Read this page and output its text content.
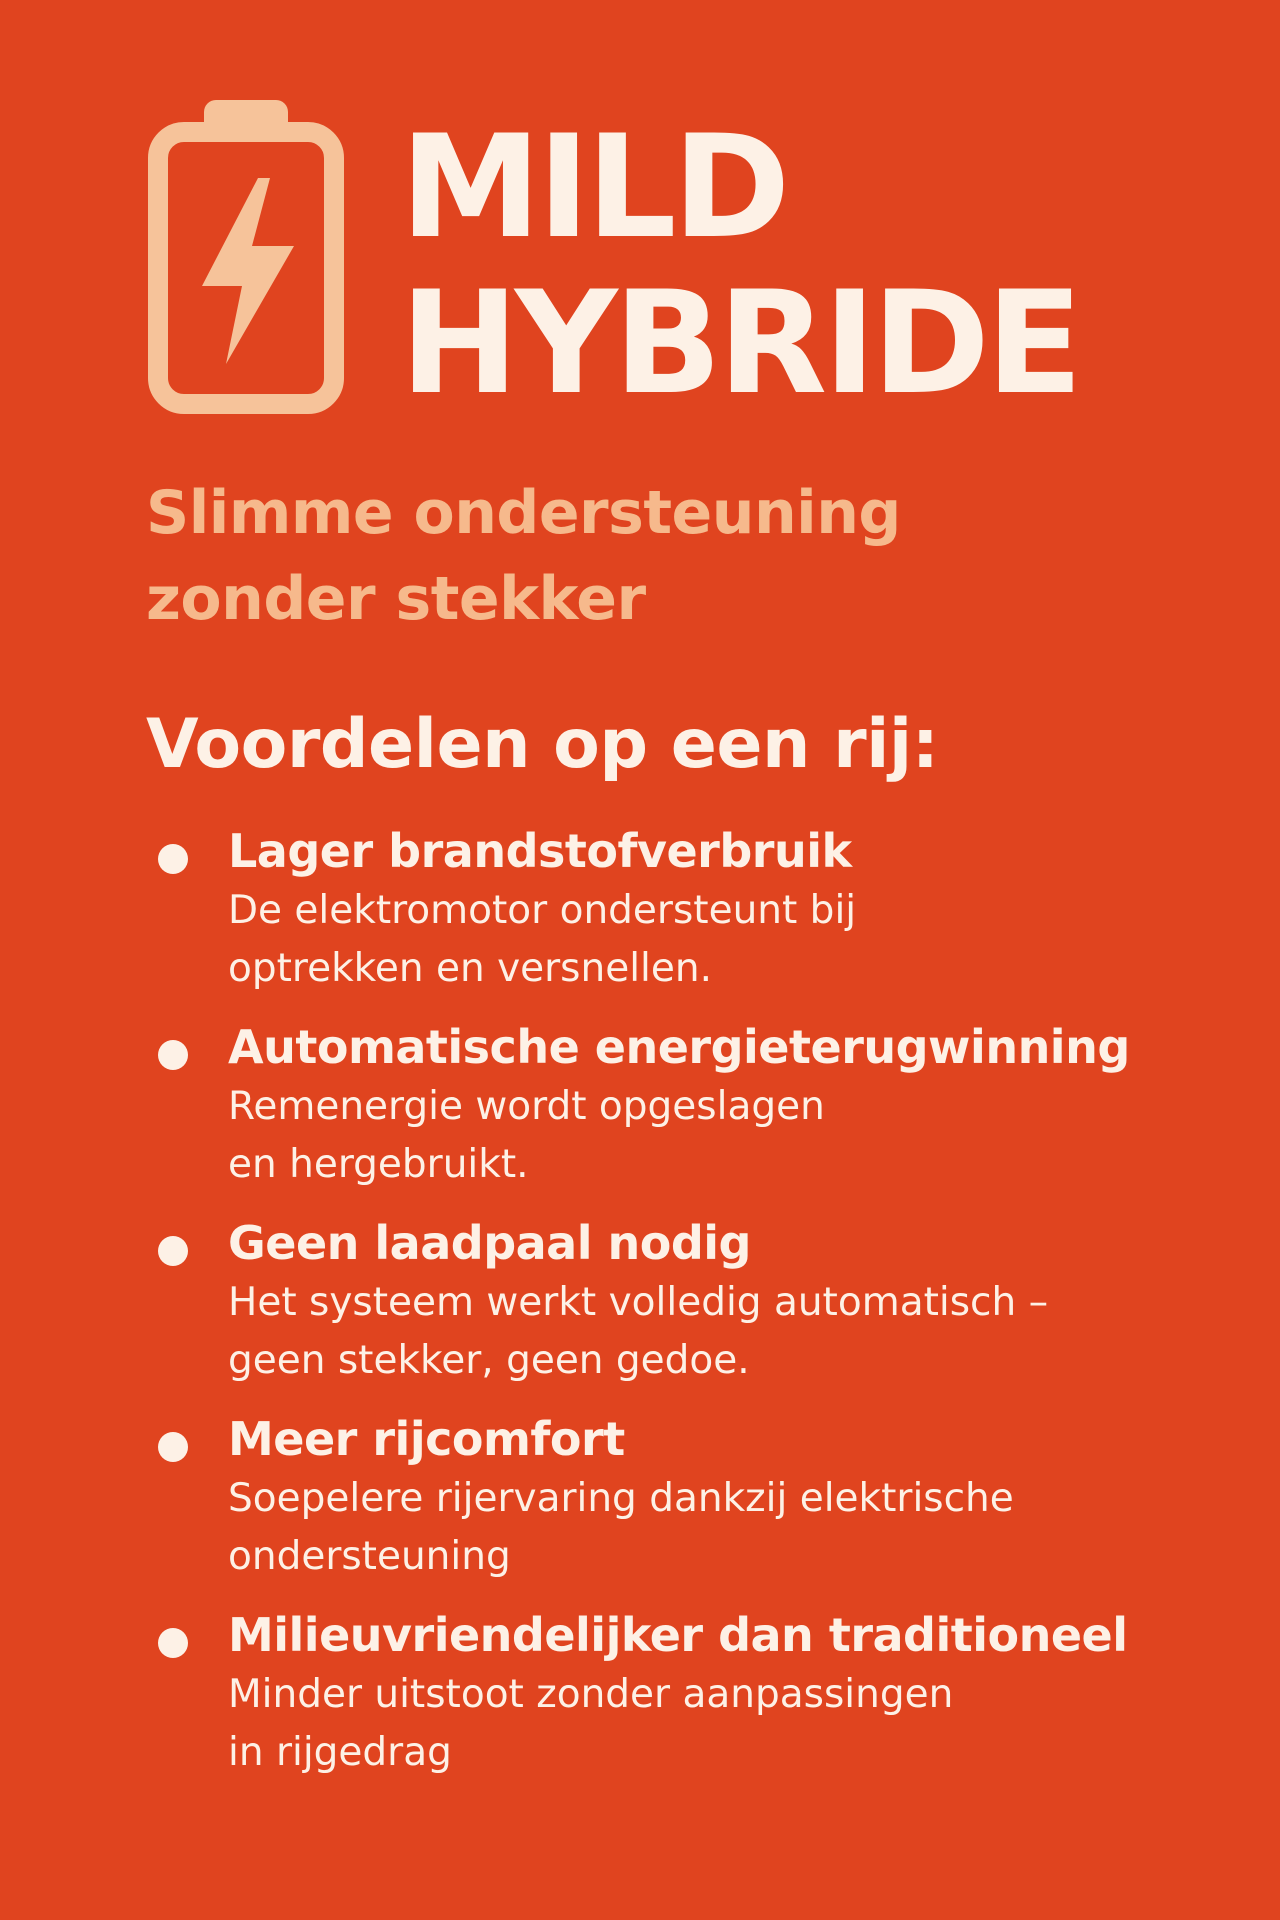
MILD
HYBRIDE
Slimme ondersteuning
zonder stekker
Voordelen op een rij:
Lager brandstofverbruik
De elektromotor ondersteunt bij
optrekken en versnellen.
Automatische energieterugwinning
Remenergie wordt opgeslagen
en hergebruikt.
Geen laadpaal nodig
Het systeem werkt volledig automatisch –
geen stekker, geen gedoe.
Meer rijcomfort
Soepelere rijervaring dankzij elektrische
ondersteuning
Milieuvriendelijker dan traditioneel
Minder uitstoot zonder aanpassingen
in rijgedrag
